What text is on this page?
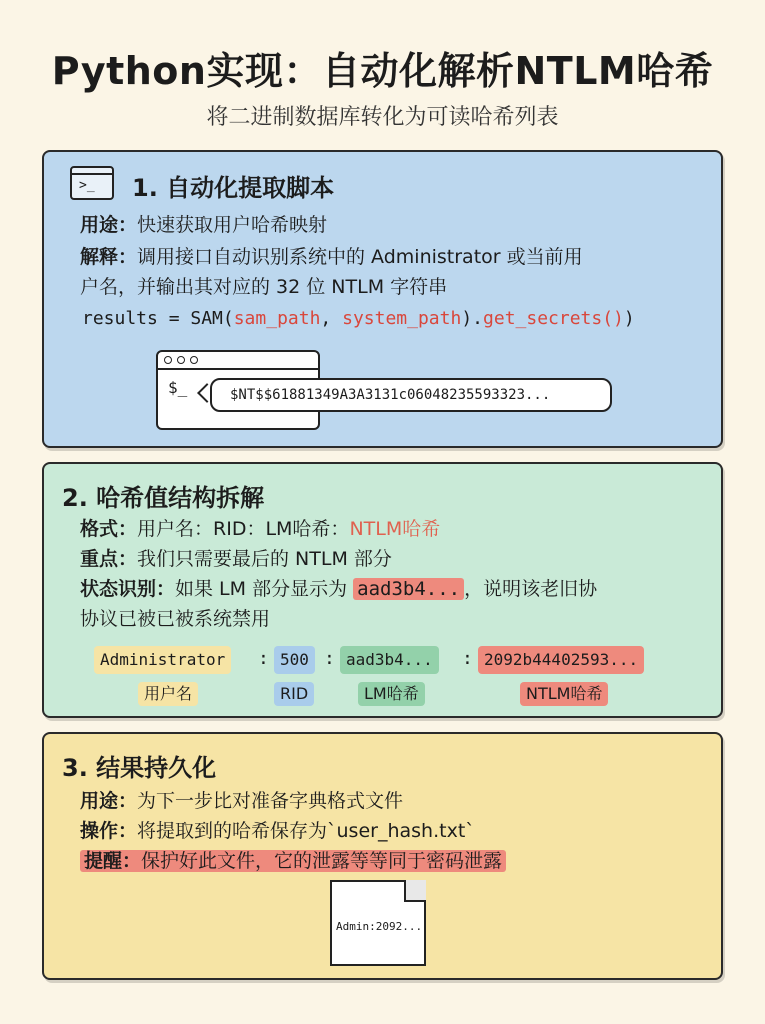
Python实现：自动化解析NTLM哈希
将二进制数据库转化为可读哈希列表
>_ 1. 自动化提取脚本
用途：快速获取用户哈希映射
解释：调用接口自动识别系统中的 Administrator 或当前用
户名，并输出其对应的 32 位 NTLM 字符串
results = SAM(sam_path, system_path).get_secrets())
$_	$NT$$61881349A3A3131c06048235593323...
2. 哈希值结构拆解
格式：用户名：RID：LM哈希：NTLM哈希
重点：我们只需要最后的 NTLM 部分
状态识别：如果 LM 部分显示为 aad3b4... ，说明该老旧协
协议已被已被系统禁用
Administrator	: 500 : aad3b4...	: 2092b44402593...
用户名	RID	LM哈希	NTLM哈希
3. 结果持久化
用途：为下一步比对准备字典格式文件
操作：将提取到的哈希保存为`user_hash.txt`
提醒：保护好此文件，它的泄露等等同于密码泄露
Admin:2092...
